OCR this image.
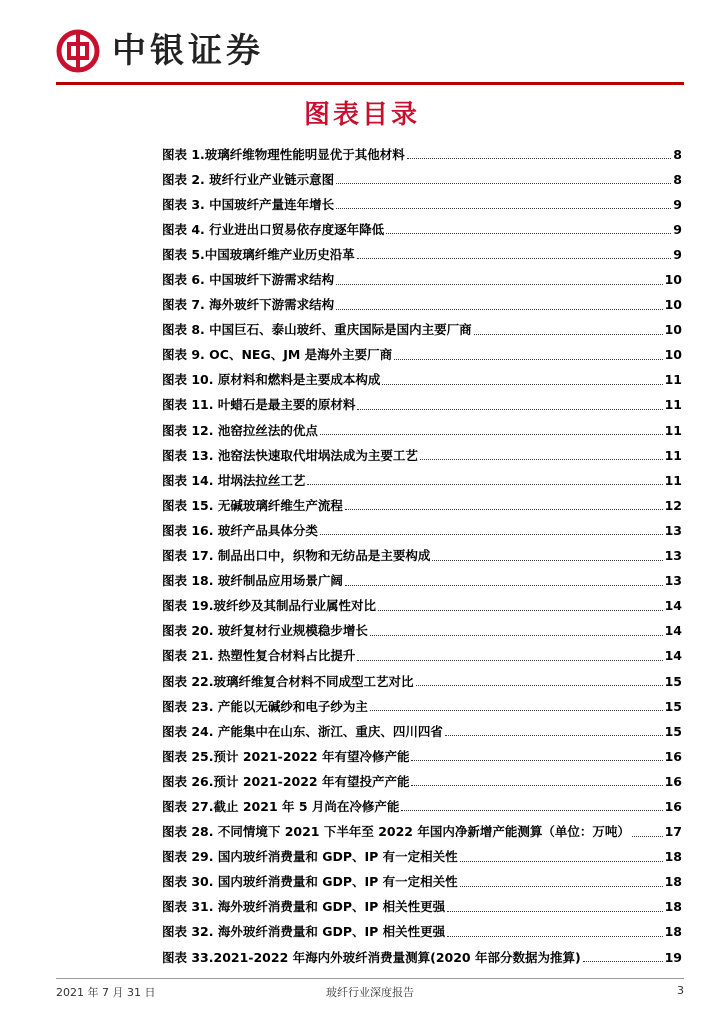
中银证券
图表目录
图表 1.玻璃纤维物理性能明显优于其他材料	8
图表 2. 玻纤行业产业链示意图	8
图表 3. 中国玻纤产量连年增长	9
图表 4. 行业进出口贸易依存度逐年降低	9
图表 5.中国玻璃纤维产业历史沿革	9
图表 6. 中国玻纤下游需求结构	10
图表 7. 海外玻纤下游需求结构	10
图表 8. 中国巨石、泰山玻纤、重庆国际是国内主要厂商	10
图表 9. OC、NEG、JM 是海外主要厂商	10
图表 10. 原材料和燃料是主要成本构成	11
图表 11. 叶蜡石是最主要的原材料	11
图表 12. 池窑拉丝法的优点	11
图表 13. 池窑法快速取代坩埚法成为主要工艺	11
图表 14. 坩埚法拉丝工艺	11
图表 15. 无碱玻璃纤维生产流程	12
图表 16. 玻纤产品具体分类	13
图表 17. 制品出口中，织物和无纺品是主要构成	13
图表 18. 玻纤制品应用场景广阔	13
图表 19.玻纤纱及其制品行业属性对比	14
图表 20. 玻纤复材行业规模稳步增长	14
图表 21. 热塑性复合材料占比提升	14
图表 22.玻璃纤维复合材料不同成型工艺对比	15
图表 23. 产能以无碱纱和电子纱为主	15
图表 24. 产能集中在山东、浙江、重庆、四川四省	15
图表 25.预计 2021-2022 年有望冷修产能	16
图表 26.预计 2021-2022 年有望投产产能	16
图表 27.截止 2021 年 5 月尚在冷修产能	16
图表 28. 不同情境下 2021 下半年至 2022 年国内净新增产能测算（单位：万吨）	17
图表 29. 国内玻纤消费量和 GDP、IP 有一定相关性	18
图表 30. 国内玻纤消费量和 GDP、IP 有一定相关性	18
图表 31. 海外玻纤消费量和 GDP、IP 相关性更强	18
图表 32. 海外玻纤消费量和 GDP、IP 相关性更强	18
图表 33.2021-2022 年海内外玻纤消费量测算(2020 年部分数据为推算)	19
2021 年 7 月 31 日	玻纤行业深度报告	3
